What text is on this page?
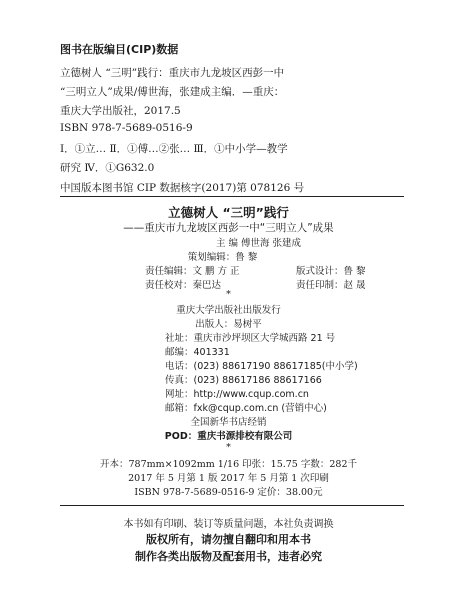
图书在版编目(CIP)数据
立德树人 “三明”践行：重庆市九龙坡区西彭一中
“三明立人”成果/傅世海，张建成主编．—重庆：
重庆大学出版社，2017.5
ISBN 978-7-5689-0516-9
Ⅰ．①立… Ⅱ．①傅…②张… Ⅲ．①中小学—教学
研究 Ⅳ．①G632.0
中国版本图书馆 CIP 数据核字(2017)第 078126 号
立德树人 “三明”践行
——重庆市九龙坡区西彭一中“三明立人”成果
主 编 傅世海 张建成
策划编辑：鲁 黎
责任编辑：文 鹏 方 正	版式设计：鲁 黎
责任校对：秦巴达	责任印制：赵 晟
*
重庆大学出版社出版发行
出版人：易树平
社址：重庆市沙坪坝区大学城西路 21 号
邮编：401331
电话：(023) 88617190 88617185(中小学)
传真：(023) 88617186 88617166
网址：http://www.cqup.com.cn
邮箱：fxk@cqup.com.cn (营销中心)
全国新华书店经销
POD：重庆书源排校有限公司
*
开本：787mm×1092mm 1/16 印张：15.75 字数：282千
2017 年 5 月第 1 版 2017 年 5 月第 1 次印刷
ISBN 978-7-5689-0516-9 定价：38.00元
本书如有印刷、装订等质量问题，本社负责调换
版权所有，请勿擅自翻印和用本书
制作各类出版物及配套用书，违者必究
